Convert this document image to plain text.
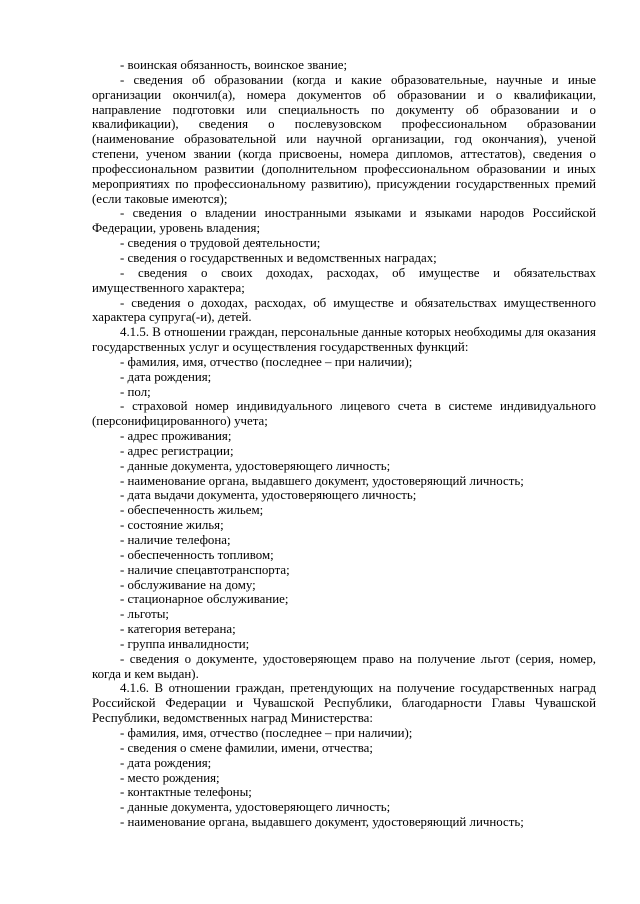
- воинская обязанность, воинское звание;

- сведения об образовании (когда и какие образовательные, научные и иные организации окончил(а), номера документов об образовании и о квалификации, направление подготовки или специальность по документу об образовании и о квалификации), сведения о послевузовском профессиональном образовании (наименование образовательной или научной организации, год окончания), ученой степени, ученом звании (когда присвоены, номера дипломов, аттестатов), сведения о профессиональном развитии (дополнительном профессиональном образовании и иных мероприятиях по профессиональному развитию), присуждении государственных премий (если таковые имеются);

- сведения о владении иностранными языками и языками народов Российской Федерации, уровень владения;

- сведения о трудовой деятельности;

- сведения о государственных и ведомственных наградах;

- сведения о своих доходах, расходах, об имуществе и обязательствах имущественного характера;

- сведения о доходах, расходах, об имуществе и обязательствах имущественного характера супруга(-и), детей.

4.1.5. В отношении граждан, персональные данные которых необходимы для оказания государственных услуг и осуществления государственных функций:

- фамилия, имя, отчество (последнее – при наличии);

- дата рождения;

- пол;

- страховой номер индивидуального лицевого счета в системе индивидуального (персонифицированного) учета;

- адрес проживания;

- адрес регистрации;

- данные документа, удостоверяющего личность;

- наименование органа, выдавшего документ, удостоверяющий личность;

- дата выдачи документа, удостоверяющего личность;

- обеспеченность жильем;

- состояние жилья;

- наличие телефона;

- обеспеченность топливом;

- наличие спецавтотранспорта;

- обслуживание на дому;

- стационарное обслуживание;

- льготы;

- категория ветерана;

- группа инвалидности;

- сведения о документе, удостоверяющем право на получение льгот (серия, номер, когда и кем выдан).

4.1.6. В отношении граждан, претендующих на получение государственных наград Российской Федерации и Чувашской Республики, благодарности Главы Чувашской Республики, ведомственных наград Министерства:

- фамилия, имя, отчество (последнее – при наличии);

- сведения о смене фамилии, имени, отчества;

- дата рождения;

- место рождения;

- контактные телефоны;

- данные документа, удостоверяющего личность;

- наименование органа, выдавшего документ, удостоверяющий личность;
